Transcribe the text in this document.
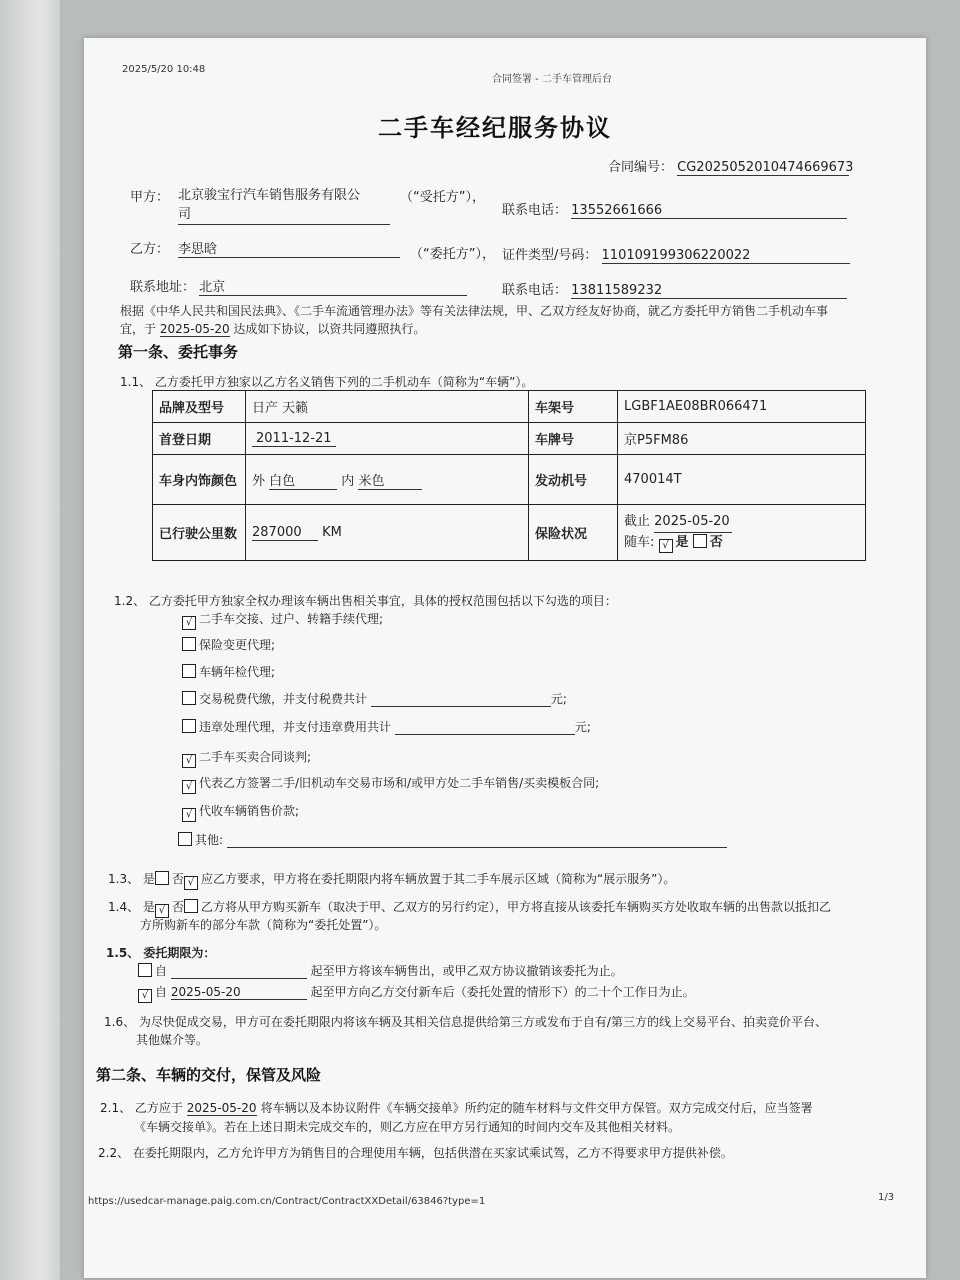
2025/5/20 10:48
合同签署 - 二手车管理后台
二手车经纪服务协议
合同编号： CG2025052010474669673
甲方： 北京骏宝行汽车销售服务有限公
司
（“受托方”），
联系电话： 13552661666
乙方： 李思晗	（“委托方”）， 证件类型/号码： 110109199306220022
联系地址： 北京	联系电话： 13811589232
根据《中华人民共和国民法典》、《二手车流通管理办法》等有关法律法规，甲、乙双方经友好协商，就乙方委托甲方销售二手机动车事
宜，于 2025-05-20 达成如下协议，以资共同遵照执行。
第一条、委托事务
1.1、 乙方委托甲方独家以乙方名义销售下列的二手机动车（简称为“车辆”）。
品牌及型号	日产 天籁	车架号	LGBF1AE08BR066471
首登日期	2011-12-21	车牌号	京P5FM86
车身内饰颜色	外 白色 内 米色	发动机号	470014T
已行驶公里数	287000 KM	保险状况	截止 2025-05-20
随车: √ 是 否
1.2、 乙方委托甲方独家全权办理该车辆出售相关事宜，具体的授权范围包括以下勾选的项目：
√ 二手车交接、过户、转籍手续代理;
保险变更代理;
车辆年检代理;
交易税费代缴，并支付税费共计	元;
违章处理代理，并支付违章费用共计	元;
√ 二手车买卖合同谈判;
√ 代表乙方签署二手/旧机动车交易市场和/或甲方处二手车销售/买卖模板合同;
√ 代收车辆销售价款;
其他:
1.3、 是 否 √ 应乙方要求，甲方将在委托期限内将车辆放置于其二手车展示区域（简称为“展示服务”）。
1.4、 是 √ 否 乙方将从甲方购买新车（取决于甲、乙双方的另行约定），甲方将直接从该委托车辆购买方处收取车辆的出售款以抵扣乙
方所购新车的部分车款（简称为“委托处置”）。
1.5、 委托期限为：
自	起至甲方将该车辆售出，或甲乙双方协议撤销该委托为止。
√ 自 2025-05-20	起至甲方向乙方交付新车后（委托处置的情形下）的二十个工作日为止。
1.6、 为尽快促成交易，甲方可在委托期限内将该车辆及其相关信息提供给第三方或发布于自有/第三方的线上交易平台、拍卖竞价平台、
其他媒介等。
第二条、车辆的交付，保管及风险
2.1、 乙方应于 2025-05-20 将车辆以及本协议附件《车辆交接单》所约定的随车材料与文件交甲方保管。双方完成交付后，应当签署
《车辆交接单》。若在上述日期未完成交车的，则乙方应在甲方另行通知的时间内交车及其他相关材料。
2.2、 在委托期限内，乙方允许甲方为销售目的合理使用车辆，包括供潜在买家试乘试驾，乙方不得要求甲方提供补偿。
https://usedcar-manage.paig.com.cn/Contract/ContractXXDetail/63846?type=1	1/3
